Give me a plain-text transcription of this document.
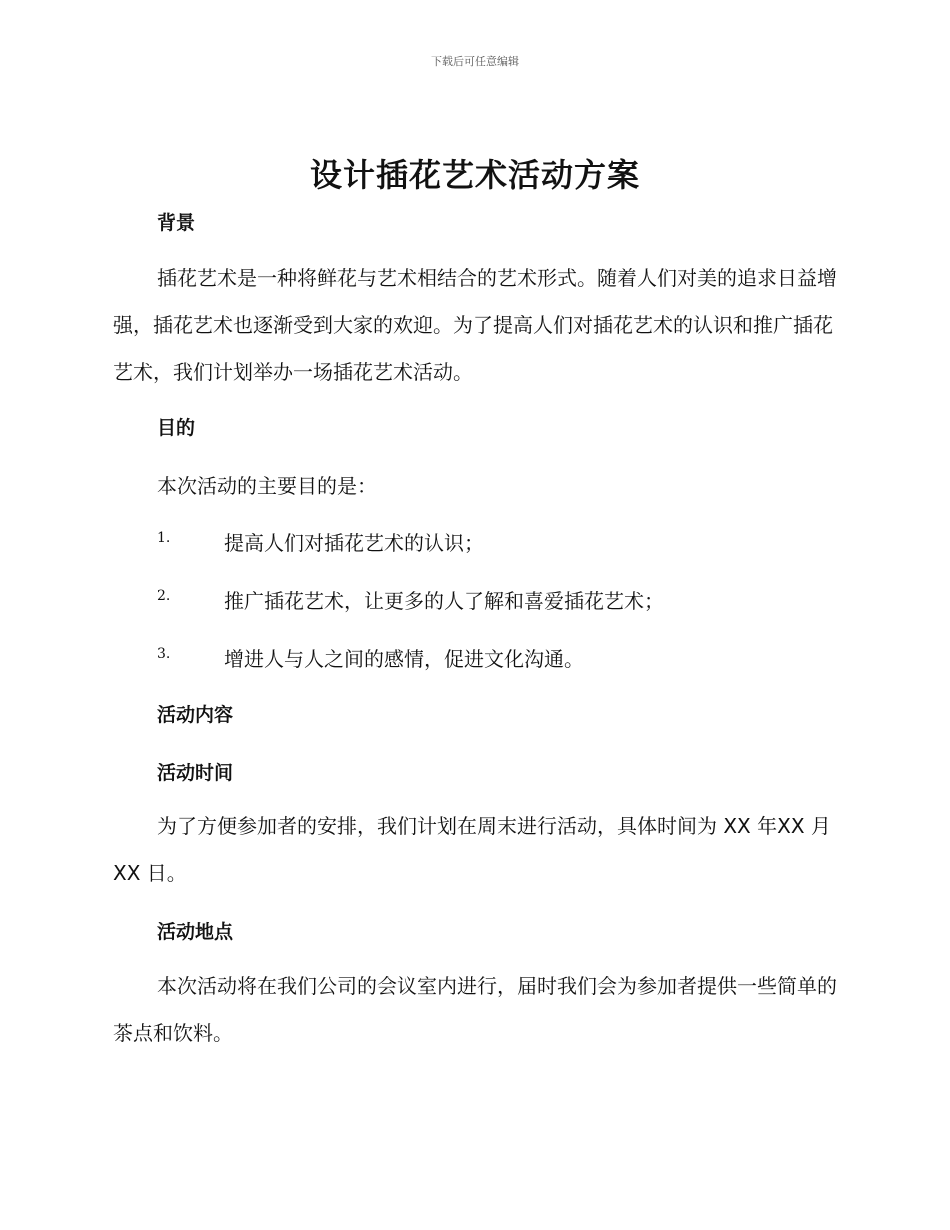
下载后可任意编辑
设计插花艺术活动方案
背景
插花艺术是一种将鲜花与艺术相结合的艺术形式。随着人们对美的追求日益增强，插花艺术也逐渐受到大家的欢迎。为了提高人们对插花艺术的认识和推广插花艺术，我们计划举办一场插花艺术活动。
目的
本次活动的主要目的是：
1.	提高人们对插花艺术的认识；
2.	推广插花艺术，让更多的人了解和喜爱插花艺术；
3.	增进人与人之间的感情，促进文化沟通。
活动内容
活动时间
为了方便参加者的安排，我们计划在周末进行活动，具体时间为 XX 年XX 月 XX 日。
活动地点
本次活动将在我们公司的会议室内进行，届时我们会为参加者提供一些简单的茶点和饮料。
